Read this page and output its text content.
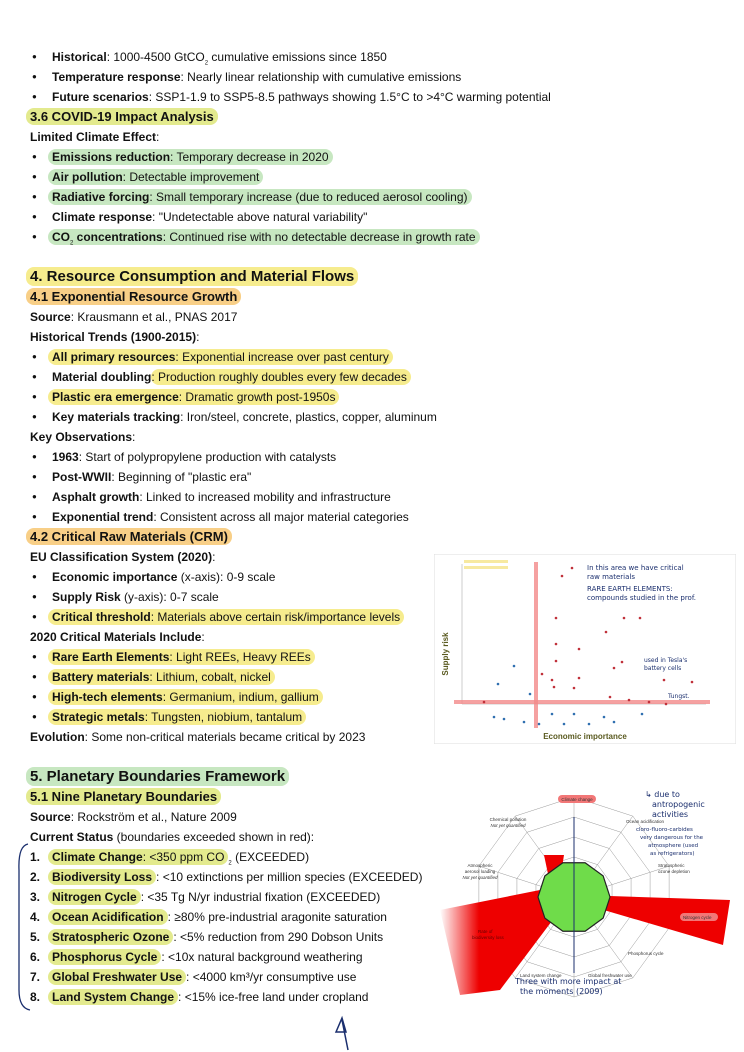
● Historical: 1000-4500 GtCO$_2$ cumulative emissions since 1850
● Temperature response: Nearly linear relationship with cumulative emissions
● Future scenarios: SSP1-1.9 to SSP5-8.5 pathways showing 1.5°C to >4°C warming potential
3.6 COVID-19 Impact Analysis
Limited Climate Effect:
● Emissions reduction: Temporary decrease in 2020
● Air pollution: Detectable improvement
● Radiative forcing: Small temporary increase (due to reduced aerosol cooling)
● Climate response: "Undetectable above natural variability"
● $CO_2$ concentrations: Continued rise with no detectable decrease in growth rate
4. Resource Consumption and Material Flows
4.1 Exponential Resource Growth
Source: Krausmann et al., PNAS 2017
Historical Trends (1900-2015):
● All primary resources: Exponential increase over past century
● Material doubling: Production roughly doubles every few decades
● Plastic era emergence: Dramatic growth post-1950s
● Key materials tracking: Iron/steel, concrete, plastics, copper, aluminum
Key Observations:
● 1963: Start of polypropylene production with catalysts
● Post-WWII: Beginning of "plastic era"
● Asphalt growth: Linked to increased mobility and infrastructure
● Exponential trend: Consistent across all major material categories
4.2 Critical Raw Materials (CRM)
EU Classification System (2020):
● Economic importance (x-axis): 0-9 scale
● Supply Risk (y-axis): 0-7 scale
● Critical threshold: Materials above certain risk/importance levels
2020 Critical Materials Include:
● Rare Earth Elements: Light REEs, Heavy REEs
● Battery materials: Lithium, cobalt, nickel
● High-tech elements: Germanium, indium, gallium
● Strategic metals: Tungsten, niobium, tantalum
Evolution: Some non-critical materials became critical by 2023
5. Planetary Boundaries Framework
5.1 Nine Planetary Boundaries
Source: Rockström et al., Nature 2009
Current Status (boundaries exceeded shown in red):
1. Climate Change: <350 ppm CO $_2$ (EXCEEDED)
2. Biodiversity Loss : <10 extinctions per million species (EXCEEDED)
3. Nitrogen Cycle : <35 Tg N/yr industrial fixation (EXCEEDED)
4. Ocean Acidification : ≥80% pre-industrial aragonite saturation
5. Stratospheric Ozone : <5% reduction from 290 Dobson Units
6. Phosphorus Cycle : <10x natural background weathering
7. Global Freshwater Use : <4000 km³/yr consumptive use
8. Land System Change : <15% ice-free land under cropland
Economic importance
Supply risk
In this area we have critical
raw materials
RARE EARTH ELEMENTS:
compounds studied in the prof.
used in Tesla's
battery cells
Tungst.
Climate change
Chemical pollution
Not yet quantified
Ocean acidification
Stratospheric
ozone depletion
Atmospheric
aerosol loading
Not yet quantified
Nitrogen cycle
Phosphorus cycle
Global freshwater use
Land system change
Rate of
biodiversity loss
↳ due to
antropogenic
activities
cloro-fluoro-carbides
very dangerous for the
atmosphere (used
as refrigerators)
Three with more impact at
the moments (2009)
